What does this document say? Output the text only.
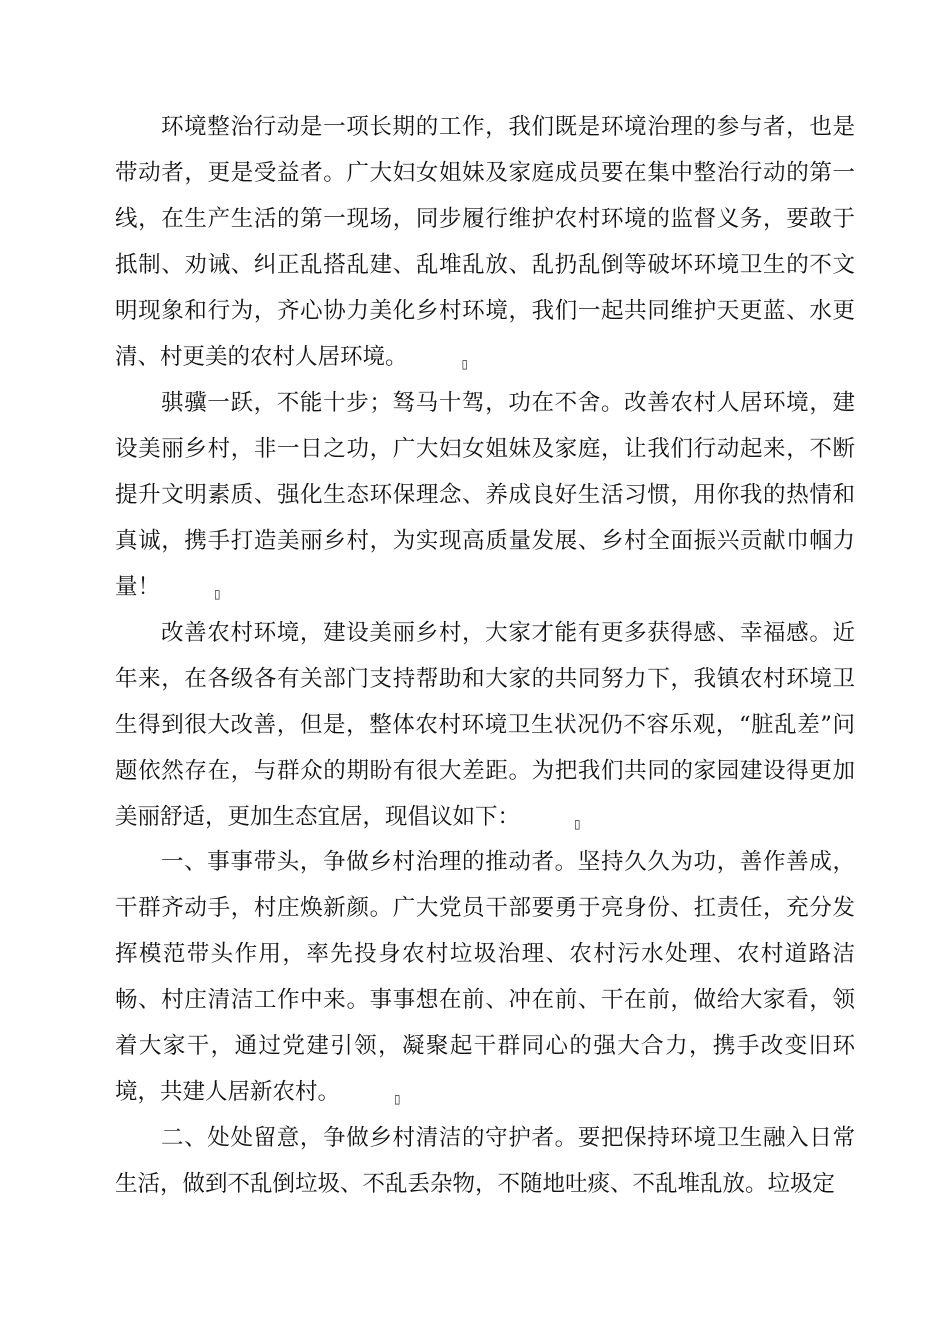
环境整治行动是一项长期的工作，我们既是环境治理的参与者，也是带动者，更是受益者。广大妇女姐妹及家庭成员要在集中整治行动的第一线，在生产生活的第一现场，同步履行维护农村环境的监督义务，要敢于抵制、劝诫、纠正乱搭乱建、乱堆乱放、乱扔乱倒等破坏环境卫生的不文明现象和行为，齐心协力美化乡村环境，我们一起共同维护天更蓝、水更清、村更美的农村人居环境。	▯

骐骥一跃，不能十步；驽马十驾，功在不舍。改善农村人居环境，建设美丽乡村，非一日之功，广大妇女姐妹及家庭，让我们行动起来，不断提升文明素质、强化生态环保理念、养成良好生活习惯，用你我的热情和真诚，携手打造美丽乡村，为实现高质量发展、乡村全面振兴贡献巾帼力量！	▯

改善农村环境，建设美丽乡村，大家才能有更多获得感、幸福感。近年来，在各级各有关部门支持帮助和大家的共同努力下，我镇农村环境卫生得到很大改善，但是，整体农村环境卫生状况仍不容乐观，“脏乱差”问题依然存在，与群众的期盼有很大差距。为把我们共同的家园建设得更加美丽舒适，更加生态宜居，现倡议如下：	▯

一、事事带头，争做乡村治理的推动者。坚持久久为功，善作善成，干群齐动手，村庄焕新颜。广大党员干部要勇于亮身份、扛责任，充分发挥模范带头作用，率先投身农村垃圾治理、农村污水处理、农村道路洁畅、村庄清洁工作中来。事事想在前、冲在前、干在前，做给大家看，领着大家干，通过党建引领，凝聚起干群同心的强大合力，携手改变旧环境，共建人居新农村。	▯

二、处处留意，争做乡村清洁的守护者。要把保持环境卫生融入日常生活，做到不乱倒垃圾、不乱丢杂物，不随地吐痰、不乱堆乱放。垃圾定
